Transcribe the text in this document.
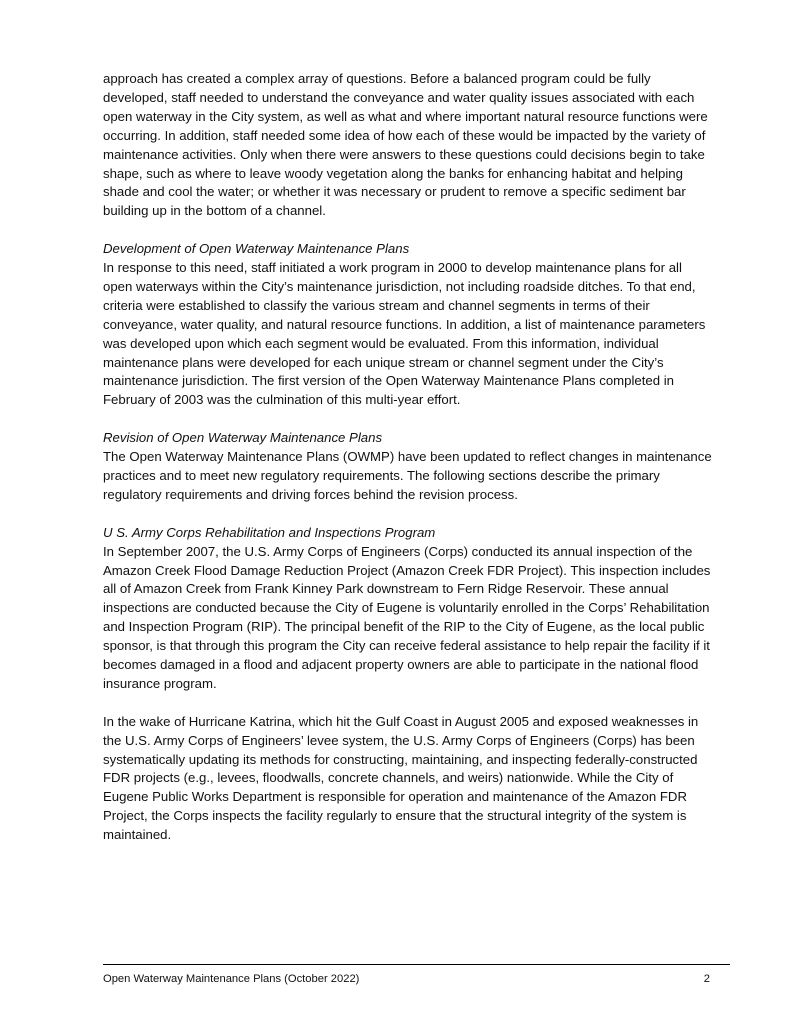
approach has created a complex array of questions. Before a balanced program could be fully developed, staff needed to understand the conveyance and water quality issues associated with each open waterway in the City system, as well as what and where important natural resource functions were occurring. In addition, staff needed some idea of how each of these would be impacted by the variety of maintenance activities. Only when there were answers to these questions could decisions begin to take shape, such as where to leave woody vegetation along the banks for enhancing habitat and helping shade and cool the water; or whether it was necessary or prudent to remove a specific sediment bar building up in the bottom of a channel.

Development of Open Waterway Maintenance Plans
In response to this need, staff initiated a work program in 2000 to develop maintenance plans for all open waterways within the City’s maintenance jurisdiction, not including roadside ditches. To that end, criteria were established to classify the various stream and channel segments in terms of their conveyance, water quality, and natural resource functions. In addition, a list of maintenance parameters was developed upon which each segment would be evaluated. From this information, individual maintenance plans were developed for each unique stream or channel segment under the City’s maintenance jurisdiction. The first version of the Open Waterway Maintenance Plans completed in February of 2003 was the culmination of this multi-year effort.

Revision of Open Waterway Maintenance Plans
The Open Waterway Maintenance Plans (OWMP) have been updated to reflect changes in maintenance practices and to meet new regulatory requirements. The following sections describe the primary regulatory requirements and driving forces behind the revision process.

U S. Army Corps Rehabilitation and Inspections Program
In September 2007, the U.S. Army Corps of Engineers (Corps) conducted its annual inspection of the Amazon Creek Flood Damage Reduction Project (Amazon Creek FDR Project). This inspection includes all of Amazon Creek from Frank Kinney Park downstream to Fern Ridge Reservoir. These annual inspections are conducted because the City of Eugene is voluntarily enrolled in the Corps’ Rehabilitation and Inspection Program (RIP). The principal benefit of the RIP to the City of Eugene, as the local public sponsor, is that through this program the City can receive federal assistance to help repair the facility if it becomes damaged in a flood and adjacent property owners are able to participate in the national flood insurance program.

In the wake of Hurricane Katrina, which hit the Gulf Coast in August 2005 and exposed weaknesses in the U.S. Army Corps of Engineers’ levee system, the U.S. Army Corps of Engineers (Corps) has been systematically updating its methods for constructing, maintaining, and inspecting federally-constructed FDR projects (e.g., levees, floodwalls, concrete channels, and weirs) nationwide. While the City of Eugene Public Works Department is responsible for operation and maintenance of the Amazon FDR Project, the Corps inspects the facility regularly to ensure that the structural integrity of the system is maintained.

Open Waterway Maintenance Plans (October 2022)	2
